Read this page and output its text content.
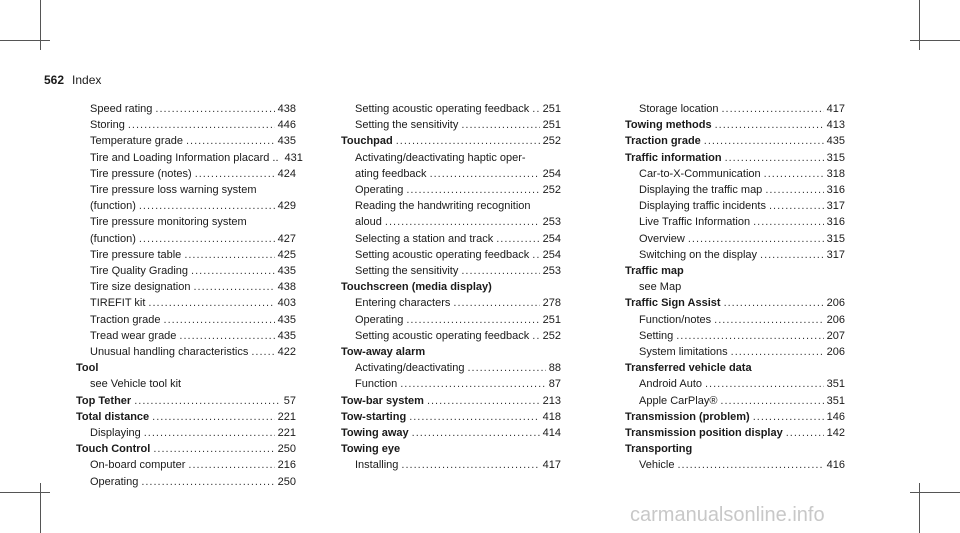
562 Index
Speed rating .....	438
Storing .....	446
Temperature grade .....	435
Tire and Loading Information placard .. 431
Tire pressure (notes) .....	424
Tire pressure loss warning system
(function) .....	429
Tire pressure monitoring system
(function) .....	427
Tire pressure table .....	425
Tire Quality Grading .....	435
Tire size designation .....	438
TIREFIT kit .....	403
Traction grade .....	435
Tread wear grade .....	435
Unusual handling characteristics .....	422
Tool
see Vehicle tool kit
Top Tether .....	57
Total distance .....	221
Displaying .....	221
Touch Control .....	250
On-board computer .....	216
Operating .....	250
Setting acoustic operating feedback ..... 251
Setting the sensitivity .....	251
Touchpad .....	252
Activating/deactivating haptic oper-
ating feedback .....	254
Operating .....	252
Reading the handwriting recognition
aloud .....	253
Selecting a station and track .....	254
Setting acoustic operating feedback ..... 254
Setting the sensitivity .....	253
Touchscreen (media display)
Entering characters .....	278
Operating .....	251
Setting acoustic operating feedback ..... 252
Tow-away alarm
Activating/deactivating .....	88
Function .....	87
Tow-bar system .....	213
Tow-starting .....	418
Towing away .....	414
Towing eye
Installing .....	417
Storage location .....	417
Towing methods .....	413
Traction grade .....	435
Traffic information .....	315
Car-to-X-Communication .....	318
Displaying the traffic map .....	316
Displaying traffic incidents .....	317
Live Traffic Information .....	316
Overview .....	315
Switching on the display .....	317
Traffic map
see Map
Traffic Sign Assist .....	206
Function/notes .....	206
Setting .....	207
System limitations .....	206
Transferred vehicle data
Android Auto .....	351
Apple CarPlay® .....	351
Transmission (problem) .....	146
Transmission position display .....	142
Transporting
Vehicle .....	416
carmanualsonline.info
